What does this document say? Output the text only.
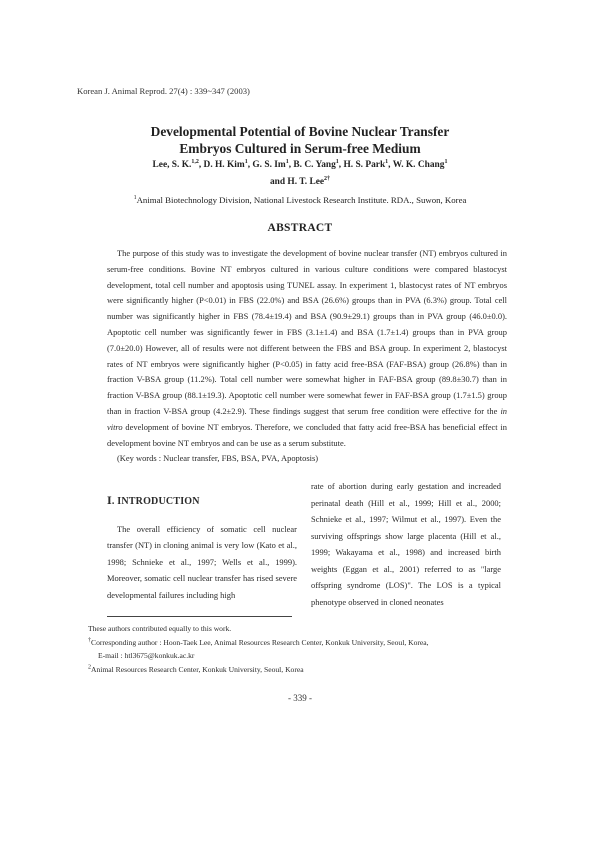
Korean J. Animal Reprod. 27(4) : 339~347 (2003)
Developmental Potential of Bovine Nuclear Transfer
Embryos Cultured in Serum-free Medium
Lee, S. K.$^{1,2}$, D. H. Kim$^1$, G. S. Im$^1$, B. C. Yang$^1$, H. S. Park$^1$, W. K. Chang$^1$
and H. T. Lee$^{2\dagger}$
$^1$Animal Biotechnology Division, National Livestock Research Institute. RDA., Suwon, Korea
ABSTRACT

The purpose of this study was to investigate the development of bovine nuclear transfer (NT) embryos cultured in serum-free conditions. Bovine NT embryos cultured in various culture conditions were compared blastocyst development, total cell number and apoptosis using TUNEL assay. In experiment 1, blastocyst rates of NT embryos were significantly higher (P<0.01) in FBS (22.0%) and BSA (26.6%) groups than in PVA (6.3%) group. Total cell number was significantly higher in FBS (78.4±19.4) and BSA (90.9±29.1) groups than in PVA group (46.0±0.0). Apoptotic cell number was significantly fewer in FBS (3.1±1.4) and BSA (1.7±1.4) groups than in PVA group (7.0±20.0) However, all of results were not different between the FBS and BSA group. In experiment 2, blastocyst rates of NT embryos were significantly higher (P<0.05) in fatty acid free-BSA (FAF-BSA) group (26.8%) than in fraction V-BSA group (11.2%). Total cell number were somewhat higher in FAF-BSA group (89.8±30.7) than in fraction V-BSA group (88.1±19.3). Apoptotic cell number were somewhat fewer in FAF-BSA group (1.7±1.5) group than in fraction V-BSA group (4.2±2.9). These findings suggest that serum free condition were effective for the in vitro development of bovine NT embryos. Therefore, we concluded that fatty acid free-BSA has beneficial effect in development bovine NT embryos and can be use as a serum substitute.

(Key words : Nuclear transfer, FBS, BSA, PVA, Apoptosis)
Ⅰ. INTRODUCTION

The overall efficiency of somatic cell nuclear transfer (NT) in cloning animal is very low (Kato et al., 1998; Schnieke et al., 1997; Wells et al., 1999). Moreover, somatic cell nuclear transfer has rised severe developmental failures including high

rate of abortion during early gestation and increaded perinatal death (Hill et al., 1999; Hill et al., 2000; Schnieke et al., 1997; Wilmut et al., 1997). Even the surviving offsprings show large placenta (Hill et al., 1999; Wakayama et al., 1998) and increased birth weights (Eggan et al., 2001) referred to as "large offspring syndrome (LOS)". The LOS is a typical phenotype observed in cloned neonates

These authors contributed equally to this work.

†Corresponding author : Hoon-Taek Lee, Animal Resources Research Center, Konkuk University, Seoul, Korea,

E-mail : htl3675@konkuk.ac.kr

$^2$Animal Resources Research Center, Konkuk University, Seoul, Korea

- 339 -
